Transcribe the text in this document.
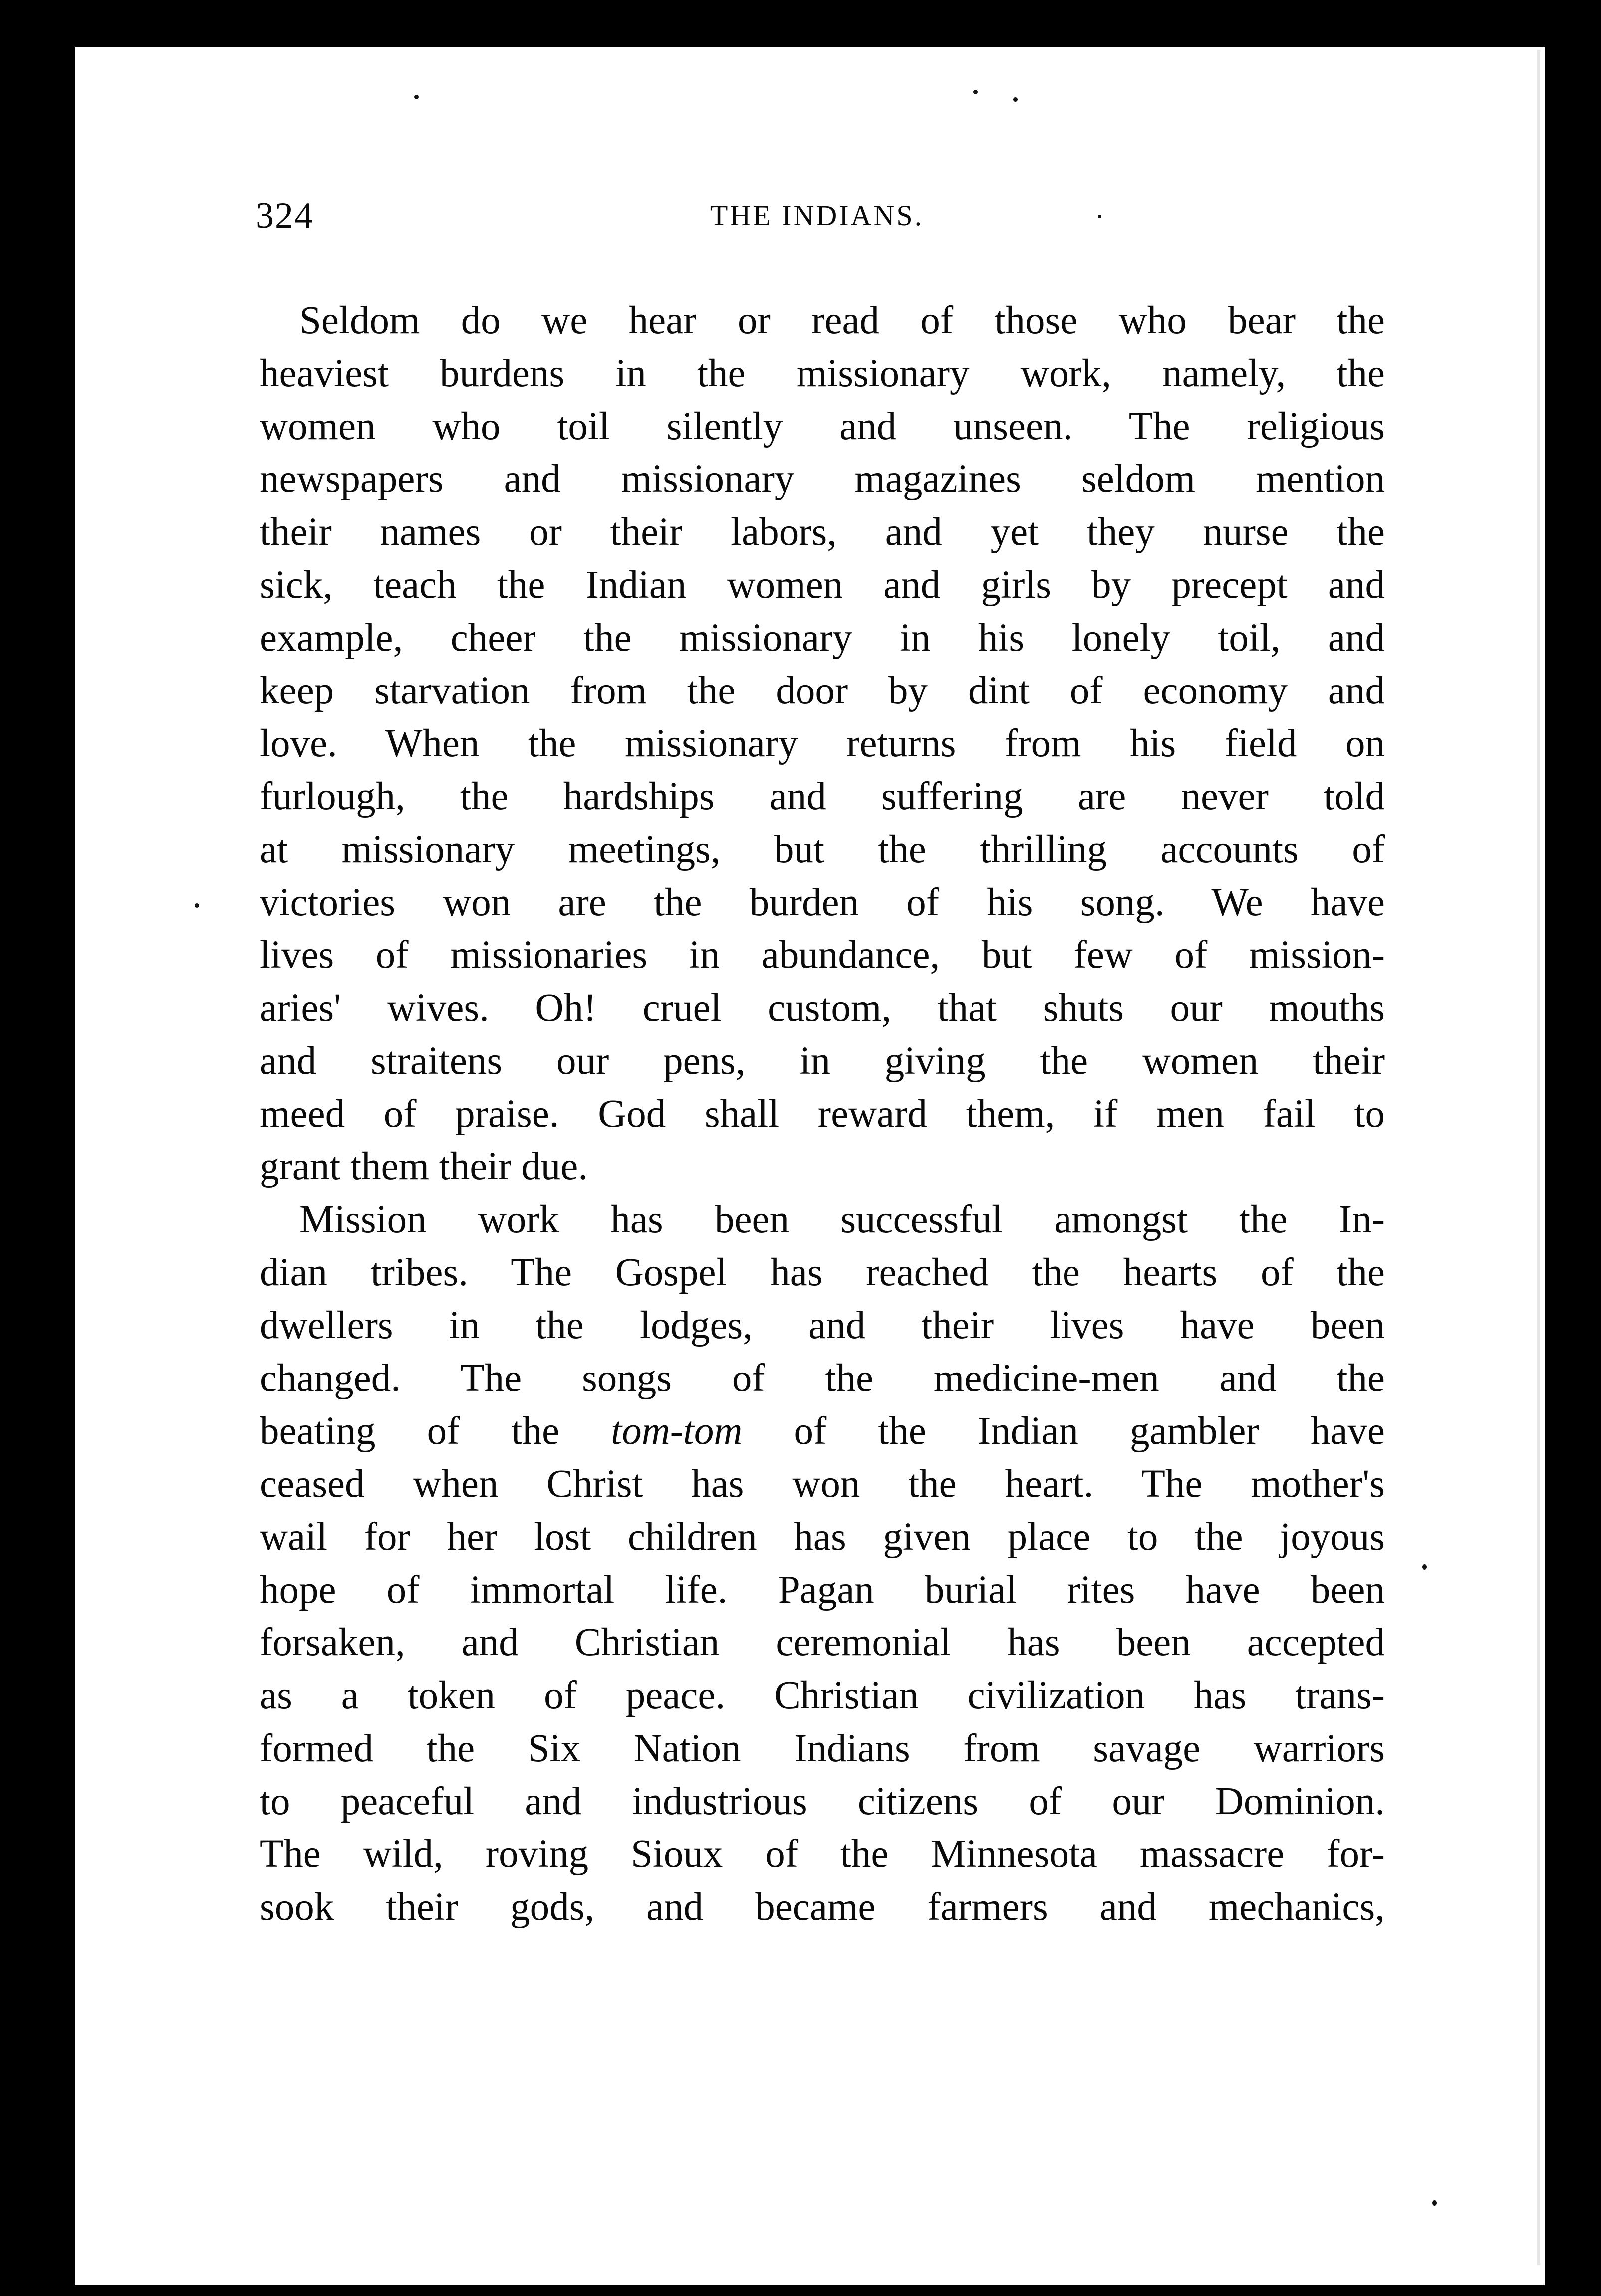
324	THE INDIANS.
Seldom do we hear or read of those who bear the
heaviest burdens in the missionary work, namely, the
women who toil silently and unseen. The religious
newspapers and missionary magazines seldom mention
their names or their labors, and yet they nurse the
sick, teach the Indian women and girls by precept and
example, cheer the missionary in his lonely toil, and
keep starvation from the door by dint of economy and
love. When the missionary returns from his field on
furlough, the hardships and suffering are never told
at missionary meetings, but the thrilling accounts of
victories won are the burden of his song. We have
lives of missionaries in abundance, but few of mission-
aries' wives. Oh! cruel custom, that shuts our mouths
and straitens our pens, in giving the women their
meed of praise. God shall reward them, if men fail to
grant them their due.
Mission work has been successful amongst the In-
dian tribes. The Gospel has reached the hearts of the
dwellers in the lodges, and their lives have been
changed. The songs of the medicine-men and the
beating of the tom-tom of the Indian gambler have
ceased when Christ has won the heart. The mother's
wail for her lost children has given place to the joyous
hope of immortal life. Pagan burial rites have been
forsaken, and Christian ceremonial has been accepted
as a token of peace. Christian civilization has trans-
formed the Six Nation Indians from savage warriors
to peaceful and industrious citizens of our Dominion.
The wild, roving Sioux of the Minnesota massacre for-
sook their gods, and became farmers and mechanics,
